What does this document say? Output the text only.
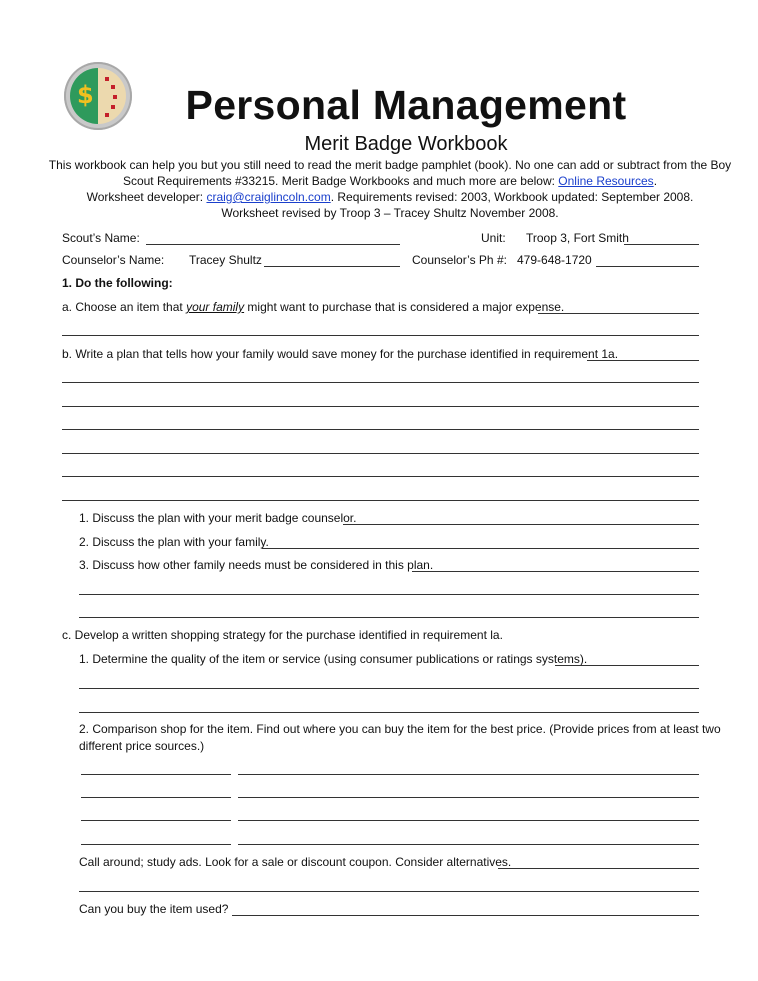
$	Personal Management
Merit Badge Workbook
This workbook can help you but you still need to read the merit badge pamphlet (book). No one can add or subtract from the Boy
Scout Requirements #33215. Merit Badge Workbooks and much more are below: Online Resources.
Worksheet developer: craig@craiglincoln.com. Requirements revised: 2003, Workbook updated: September 2008.
Worksheet revised by Troop 3 – Tracey Shultz November 2008.
Scout’s Name:	Unit: Troop 3, Fort Smith
Counselor’s Name: Tracey Shultz	Counselor’s Ph #: 479-648-1720
1. Do the following:
a. Choose an item that your family might want to purchase that is considered a major expense.
b. Write a plan that tells how your family would save money for the purchase identified in requirement 1a.
1. Discuss the plan with your merit badge counselor.
2. Discuss the plan with your family.
3. Discuss how other family needs must be considered in this plan.
c. Develop a written shopping strategy for the purchase identified in requirement la.
1. Determine the quality of the item or service (using consumer publications or ratings systems).
2. Comparison shop for the item. Find out where you can buy the item for the best price. (Provide prices from at least two
different price sources.)
Call around; study ads. Look for a sale or discount coupon. Consider alternatives.
Can you buy the item used?
